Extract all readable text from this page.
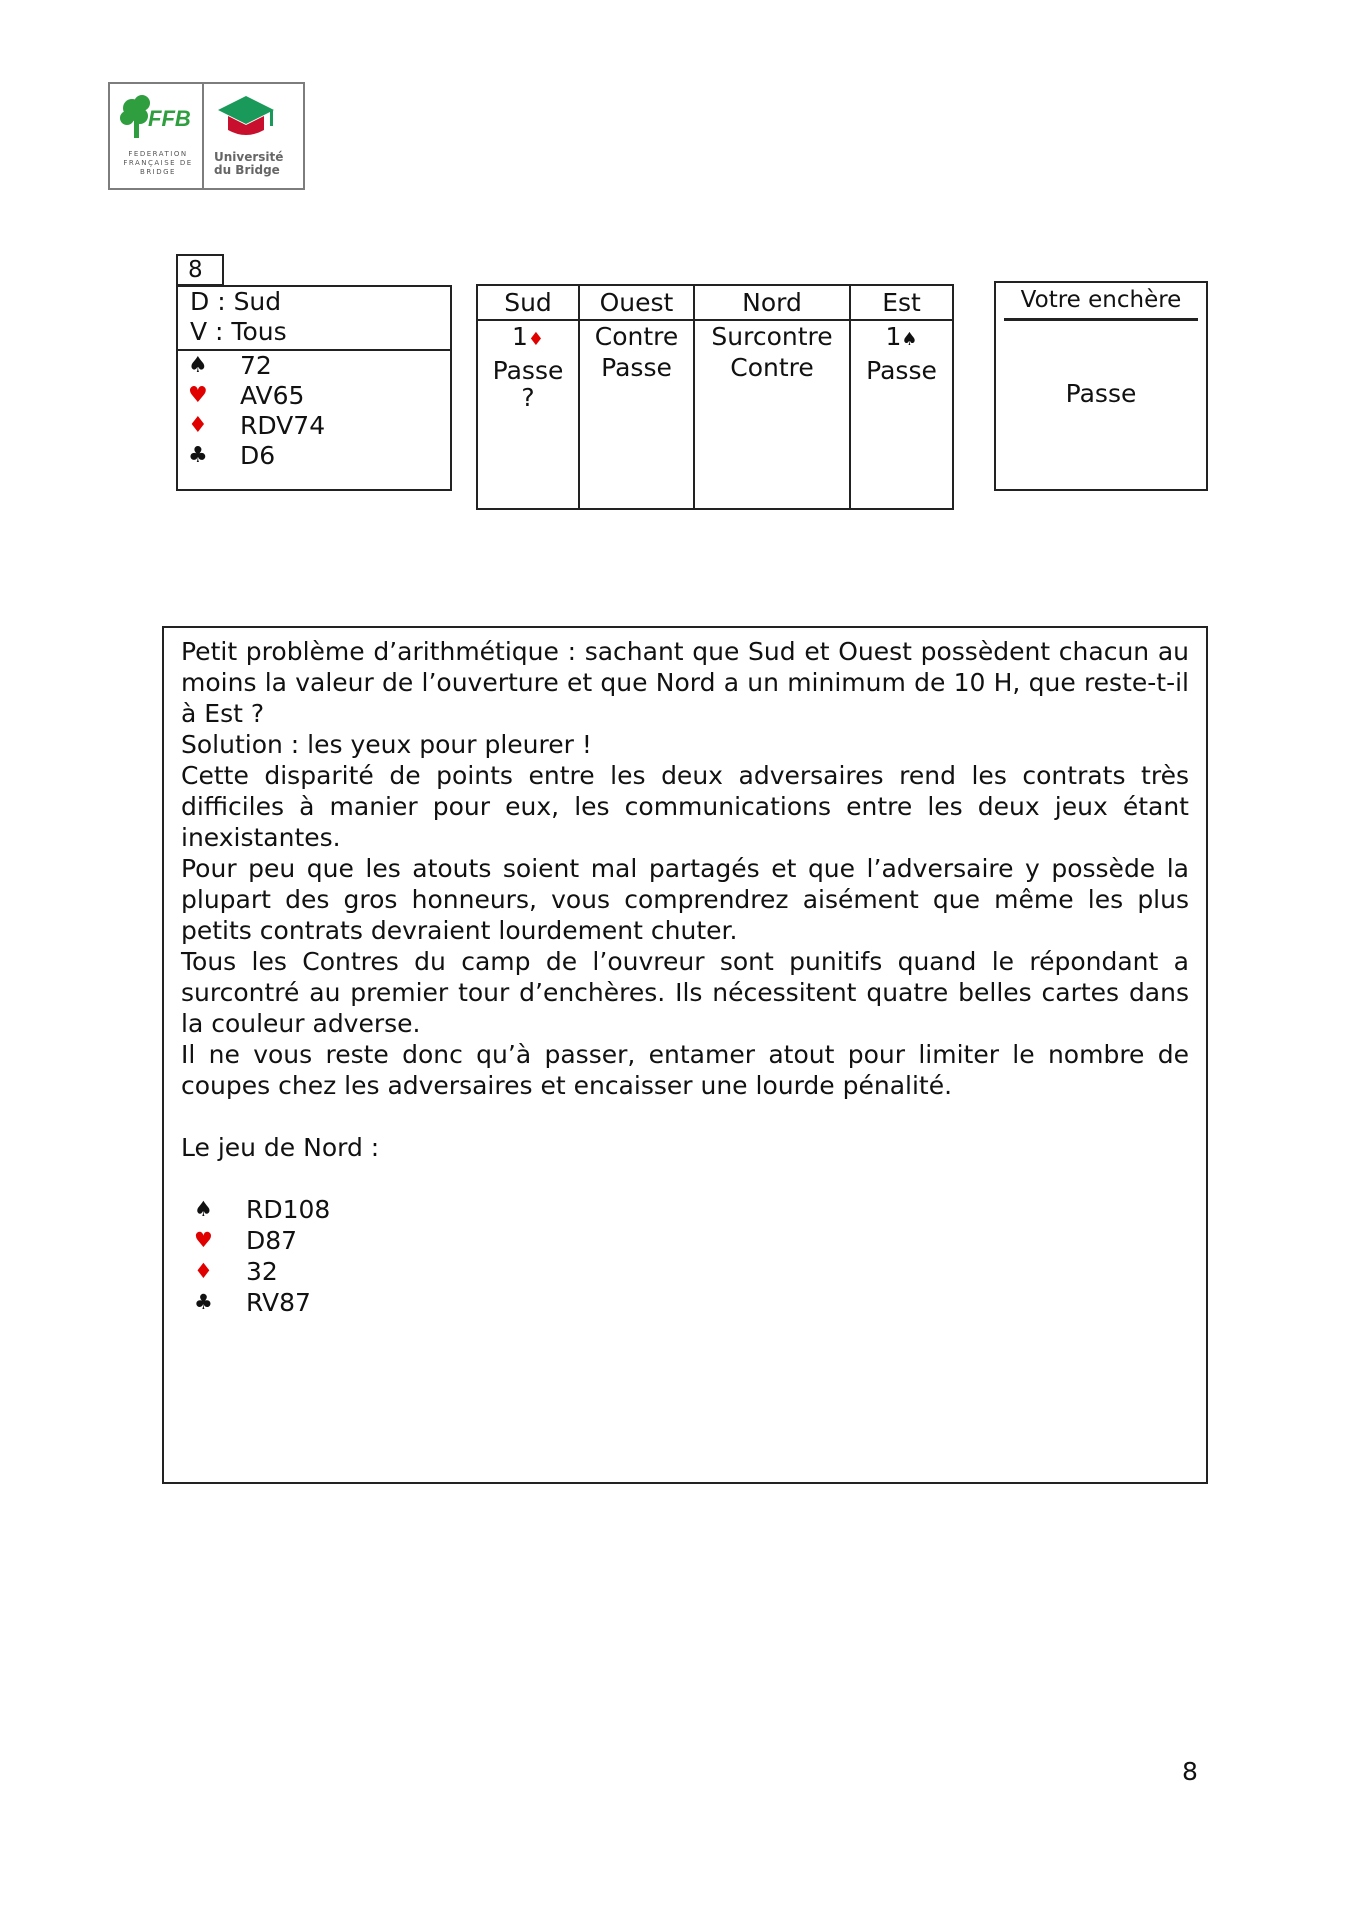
FFB
FEDERATION FRANÇAISE DE BRIDGE
Université
du Bridge
8
D : Sud
V : Tous
♠ 72
♥ AV65
♦ RDV74
♣ D6
Sud
1♦
Passe
?
Ouest
Contre
Passe
Nord
Surcontre
Contre
Est
1♠
Passe
Votre enchère
Passe

Petit problème d’arithmétique : sachant que Sud et Ouest possèdent chacun au moins la valeur de l’ouverture et que Nord a un minimum de 10 H, que reste-t-il à Est ?

Solution : les yeux pour pleurer !

Cette disparité de points entre les deux adversaires rend les contrats très difficiles à manier pour eux, les communications entre les deux jeux étant inexistantes.

Pour peu que les atouts soient mal partagés et que l’adversaire y possède la plupart des gros honneurs, vous comprendrez aisément que même les plus petits contrats devraient lourdement chuter.

Tous les Contres du camp de l’ouvreur sont punitifs quand le répondant a surcontré au premier tour d’enchères. Ils nécessitent quatre belles cartes dans la couleur adverse.

Il ne vous reste donc qu’à passer, entamer atout pour limiter le nombre de coupes chez les adversaires et encaisser une lourde pénalité.

Le jeu de Nord :
♠ RD108
♥ D87
♦ 32
♣ RV87
8
